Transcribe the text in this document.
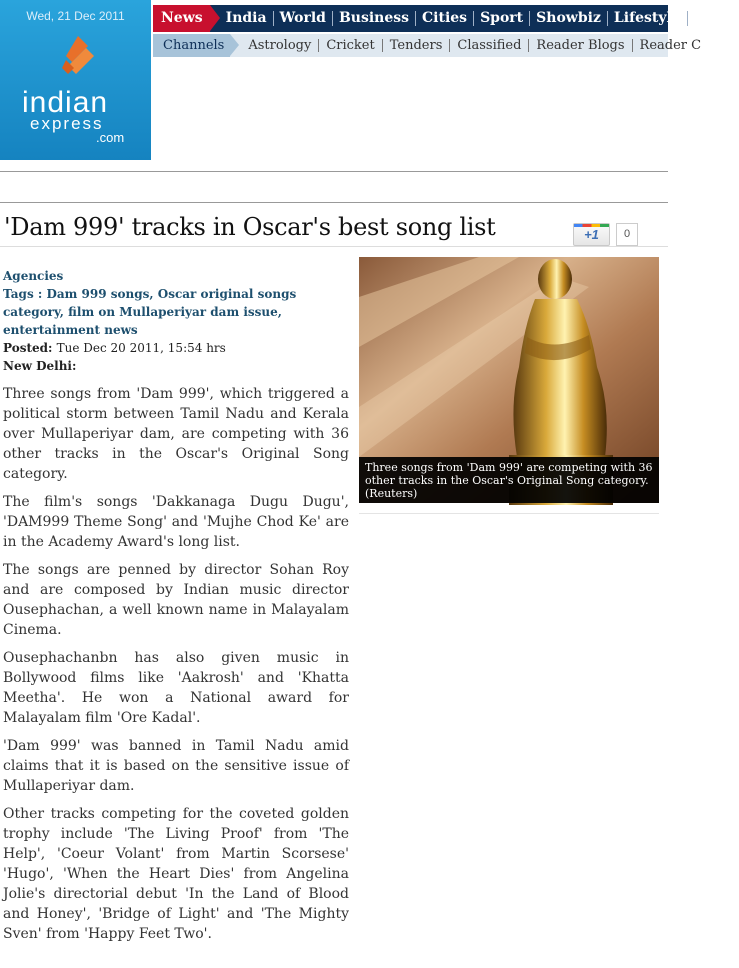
Wed, 21 Dec 2011
indian
express
.com
News	India World Business Cities Sport Showbiz Lifestyle IE Bl
Channels	Astrology	Cricket	Tenders	Classified	Reader Blogs	Reader C
'Dam 999' tracks in Oscar's best song list	+1	0
Agencies
Tags : Dam 999 songs, Oscar original songs category, film on Mullaperiyar dam issue, entertainment news
Posted: Tue Dec 20 2011, 15:54 hrs
New Delhi:

Three songs from 'Dam 999', which triggered a political storm between Tamil Nadu and Kerala over Mullaperiyar dam, are competing with 36 other tracks in the Oscar's Original Song category.

The film's songs 'Dakkanaga Dugu Dugu', 'DAM999 Theme Song' and 'Mujhe Chod Ke' are in the Academy Award's long list.

The songs are penned by director Sohan Roy and are composed by Indian music director Ousephachan, a well known name in Malayalam Cinema.

Ousephachanbn has also given music in Bollywood films like 'Aakrosh' and 'Khatta Meetha'. He won a National award for Malayalam film 'Ore Kadal'.

'Dam 999' was banned in Tamil Nadu amid claims that it is based on the sensitive issue of Mullaperiyar dam.

Other tracks competing for the coveted golden trophy include 'The Living Proof' from 'The Help', 'Coeur Volant' from Martin Scorsese' 'Hugo', 'When the Heart Dies' from Angelina Jolie's directorial debut 'In the Land of Blood and Honey', 'Bridge of Light' and 'The Mighty Sven' from 'Happy Feet Two'.

Three songs from 'Dam 999' are competing with 36 other tracks in the Oscar's Original Song category. (Reuters)
